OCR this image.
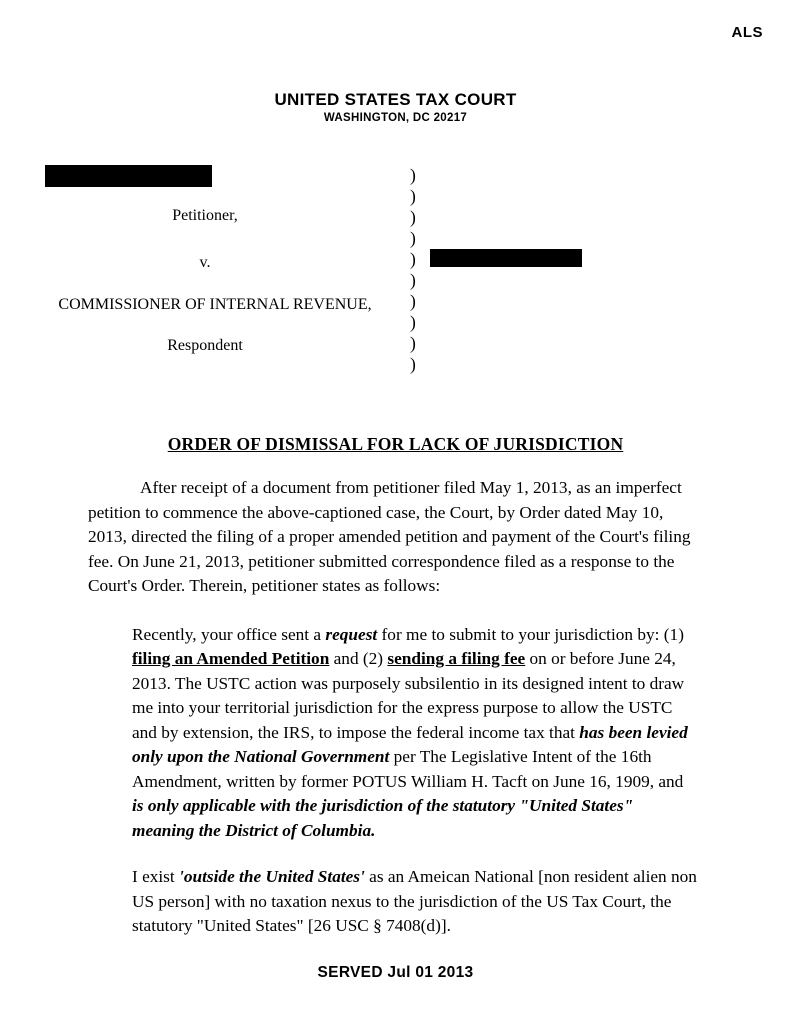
ALS
UNITED STATES TAX COURT
WASHINGTON, DC 20217
Petitioner,
v.
COMMISSIONER OF INTERNAL REVENUE,
Respondent
)
)
)
)
)
)
)
)
)
)
ORDER OF DISMISSAL FOR LACK OF JURISDICTION
After receipt of a document from petitioner filed May 1, 2013, as an imperfect petition to commence the above-captioned case, the Court, by Order dated May 10, 2013, directed the filing of a proper amended petition and payment of the Court's filing fee. On June 21, 2013, petitioner submitted correspondence filed as a response to the Court's Order. Therein, petitioner states as follows:

Recently, your office sent a request for me to submit to your jurisdiction by: (1) filing an Amended Petition and (2) sending a filing fee on or before June 24, 2013. The USTC action was purposely subsilentio in its designed intent to draw me into your territorial jurisdiction for the express purpose to allow the USTC and by extension, the IRS, to impose the federal income tax that has been levied only upon the National Government per The Legislative Intent of the 16th Amendment, written by former POTUS William H. Tacft on June 16, 1909, and is only applicable with the jurisdiction of the statutory "United States" meaning the District of Columbia.

I exist 'outside the United States' as an Ameican National [non resident alien non US person] with no taxation nexus to the jurisdiction of the US Tax Court, the statutory "United States" [26 USC § 7408(d)].

SERVED Jul 01 2013
